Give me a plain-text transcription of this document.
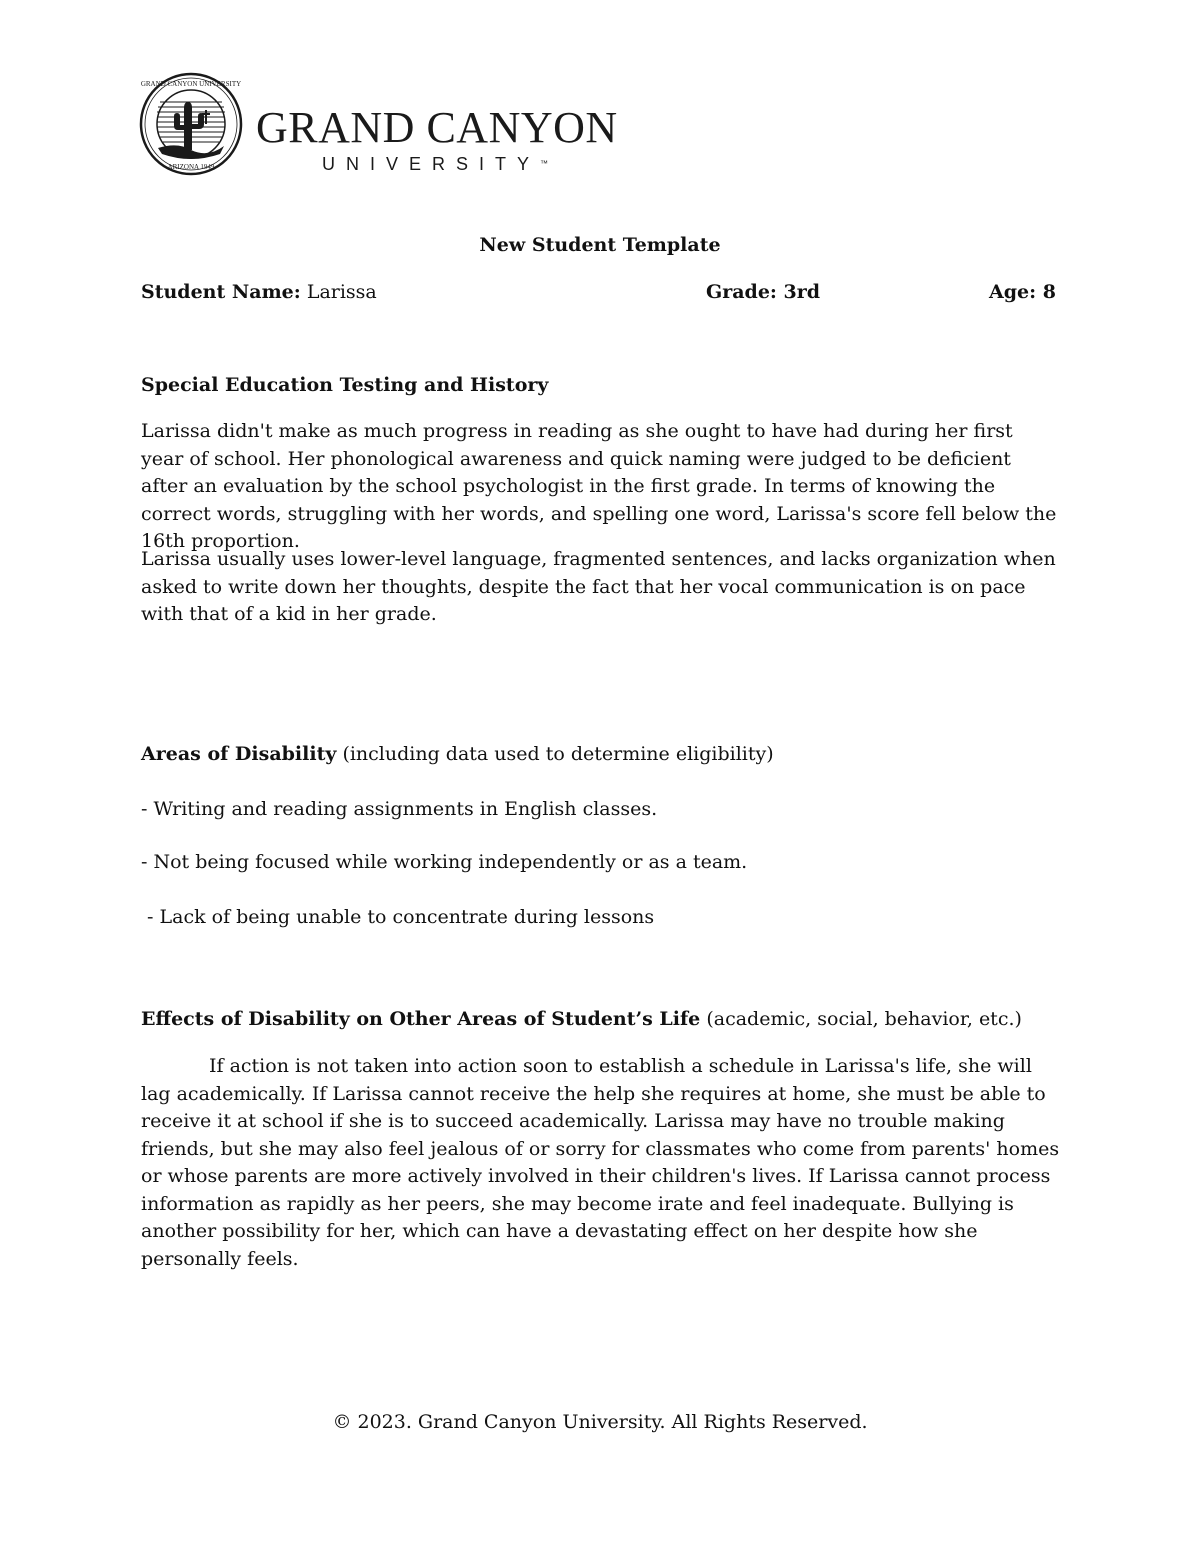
GRAND CANYON UNIVERSITY
ARIZONA 1949
GRAND CANYON
UNIVERSITY™
New Student Template
Student Name: Larissa	Grade: 3rd	Age: 8
Special Education Testing and History
Larissa didn't make as much progress in reading as she ought to have had during her first year of school. Her phonological awareness and quick naming were judged to be deficient after an evaluation by the school psychologist in the first grade. In terms of knowing the correct words, struggling with her words, and spelling one word, Larissa's score fell below the 16th proportion.
Larissa usually uses lower-level language, fragmented sentences, and lacks organization when asked to write down her thoughts, despite the fact that her vocal communication is on pace with that of a kid in her grade.
Areas of Disability (including data used to determine eligibility)
- Writing and reading assignments in English classes.
- Not being focused while working independently or as a team.
- Lack of being unable to concentrate during lessons
Effects of Disability on Other Areas of Student’s Life (academic, social, behavior, etc.)
If action is not taken into action soon to establish a schedule in Larissa's life, she will lag academically. If Larissa cannot receive the help she requires at home, she must be able to receive it at school if she is to succeed academically. Larissa may have no trouble making friends, but she may also feel jealous of or sorry for classmates who come from parents' homes or whose parents are more actively involved in their children's lives. If Larissa cannot process information as rapidly as her peers, she may become irate and feel inadequate. Bullying is another possibility for her, which can have a devastating effect on her despite how she personally feels.
© 2023. Grand Canyon University. All Rights Reserved.
